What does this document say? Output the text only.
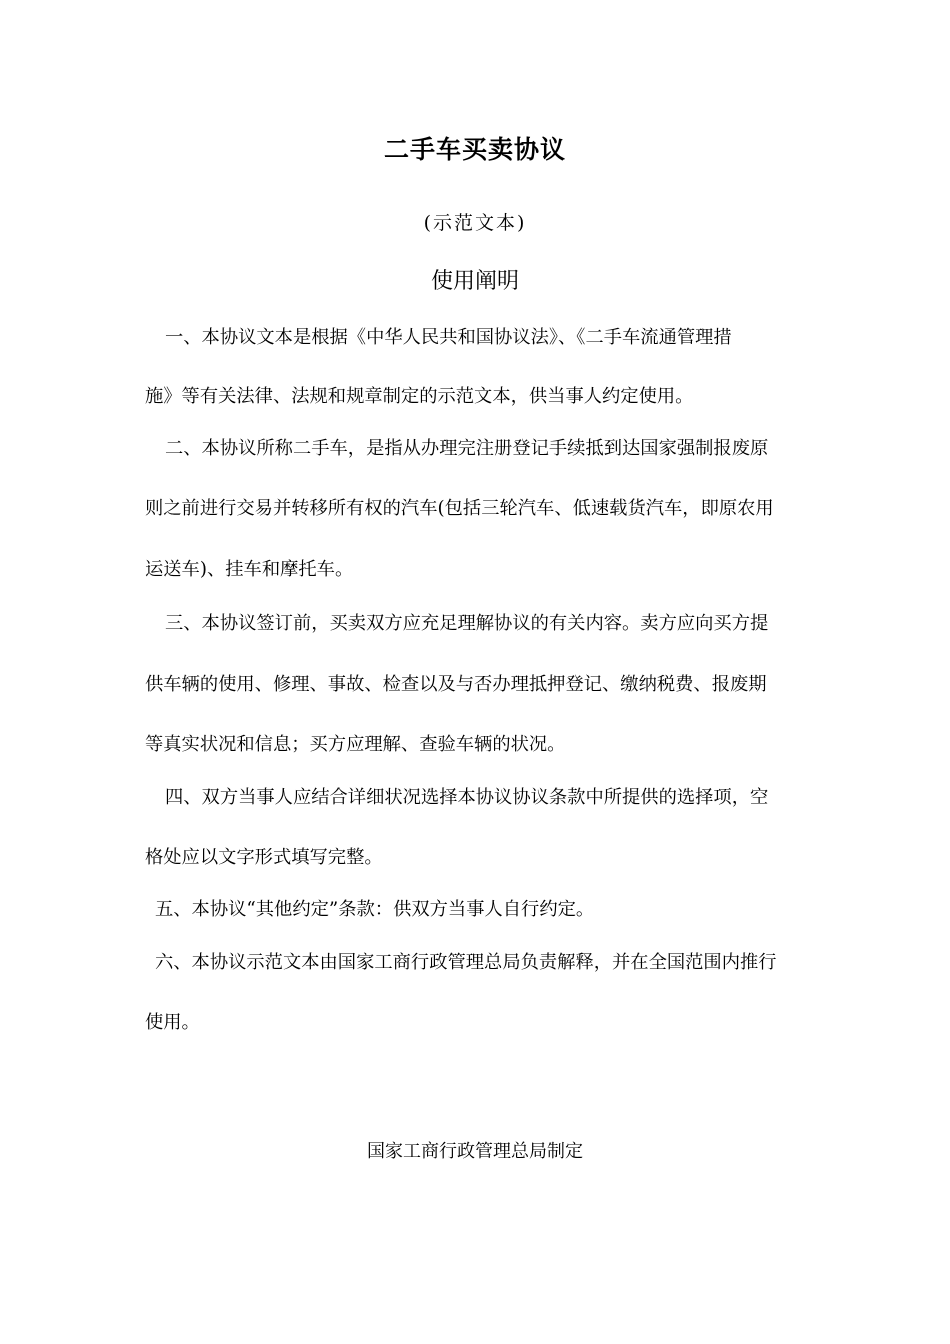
二手车买卖协议
(示范文本)
使用阐明
一、本协议文本是根据《中华人民共和国协议法》、《二手车流通管理措
施》等有关法律、法规和规章制定的示范文本，供当事人约定使用。
二、本协议所称二手车，是指从办理完注册登记手续抵到达国家强制报废原
则之前进行交易并转移所有权的汽车(包括三轮汽车、低速载货汽车，即原农用
运送车)、挂车和摩托车。
三、本协议签订前，买卖双方应充足理解协议的有关内容。卖方应向买方提
供车辆的使用、修理、事故、检查以及与否办理抵押登记、缴纳税费、报废期
等真实状况和信息；买方应理解、查验车辆的状况。
四、双方当事人应结合详细状况选择本协议协议条款中所提供的选择项，空
格处应以文字形式填写完整。
五、本协议“其他约定”条款：供双方当事人自行约定。
六、本协议示范文本由国家工商行政管理总局负责解释，并在全国范围内推行
使用。
国家工商行政管理总局制定
